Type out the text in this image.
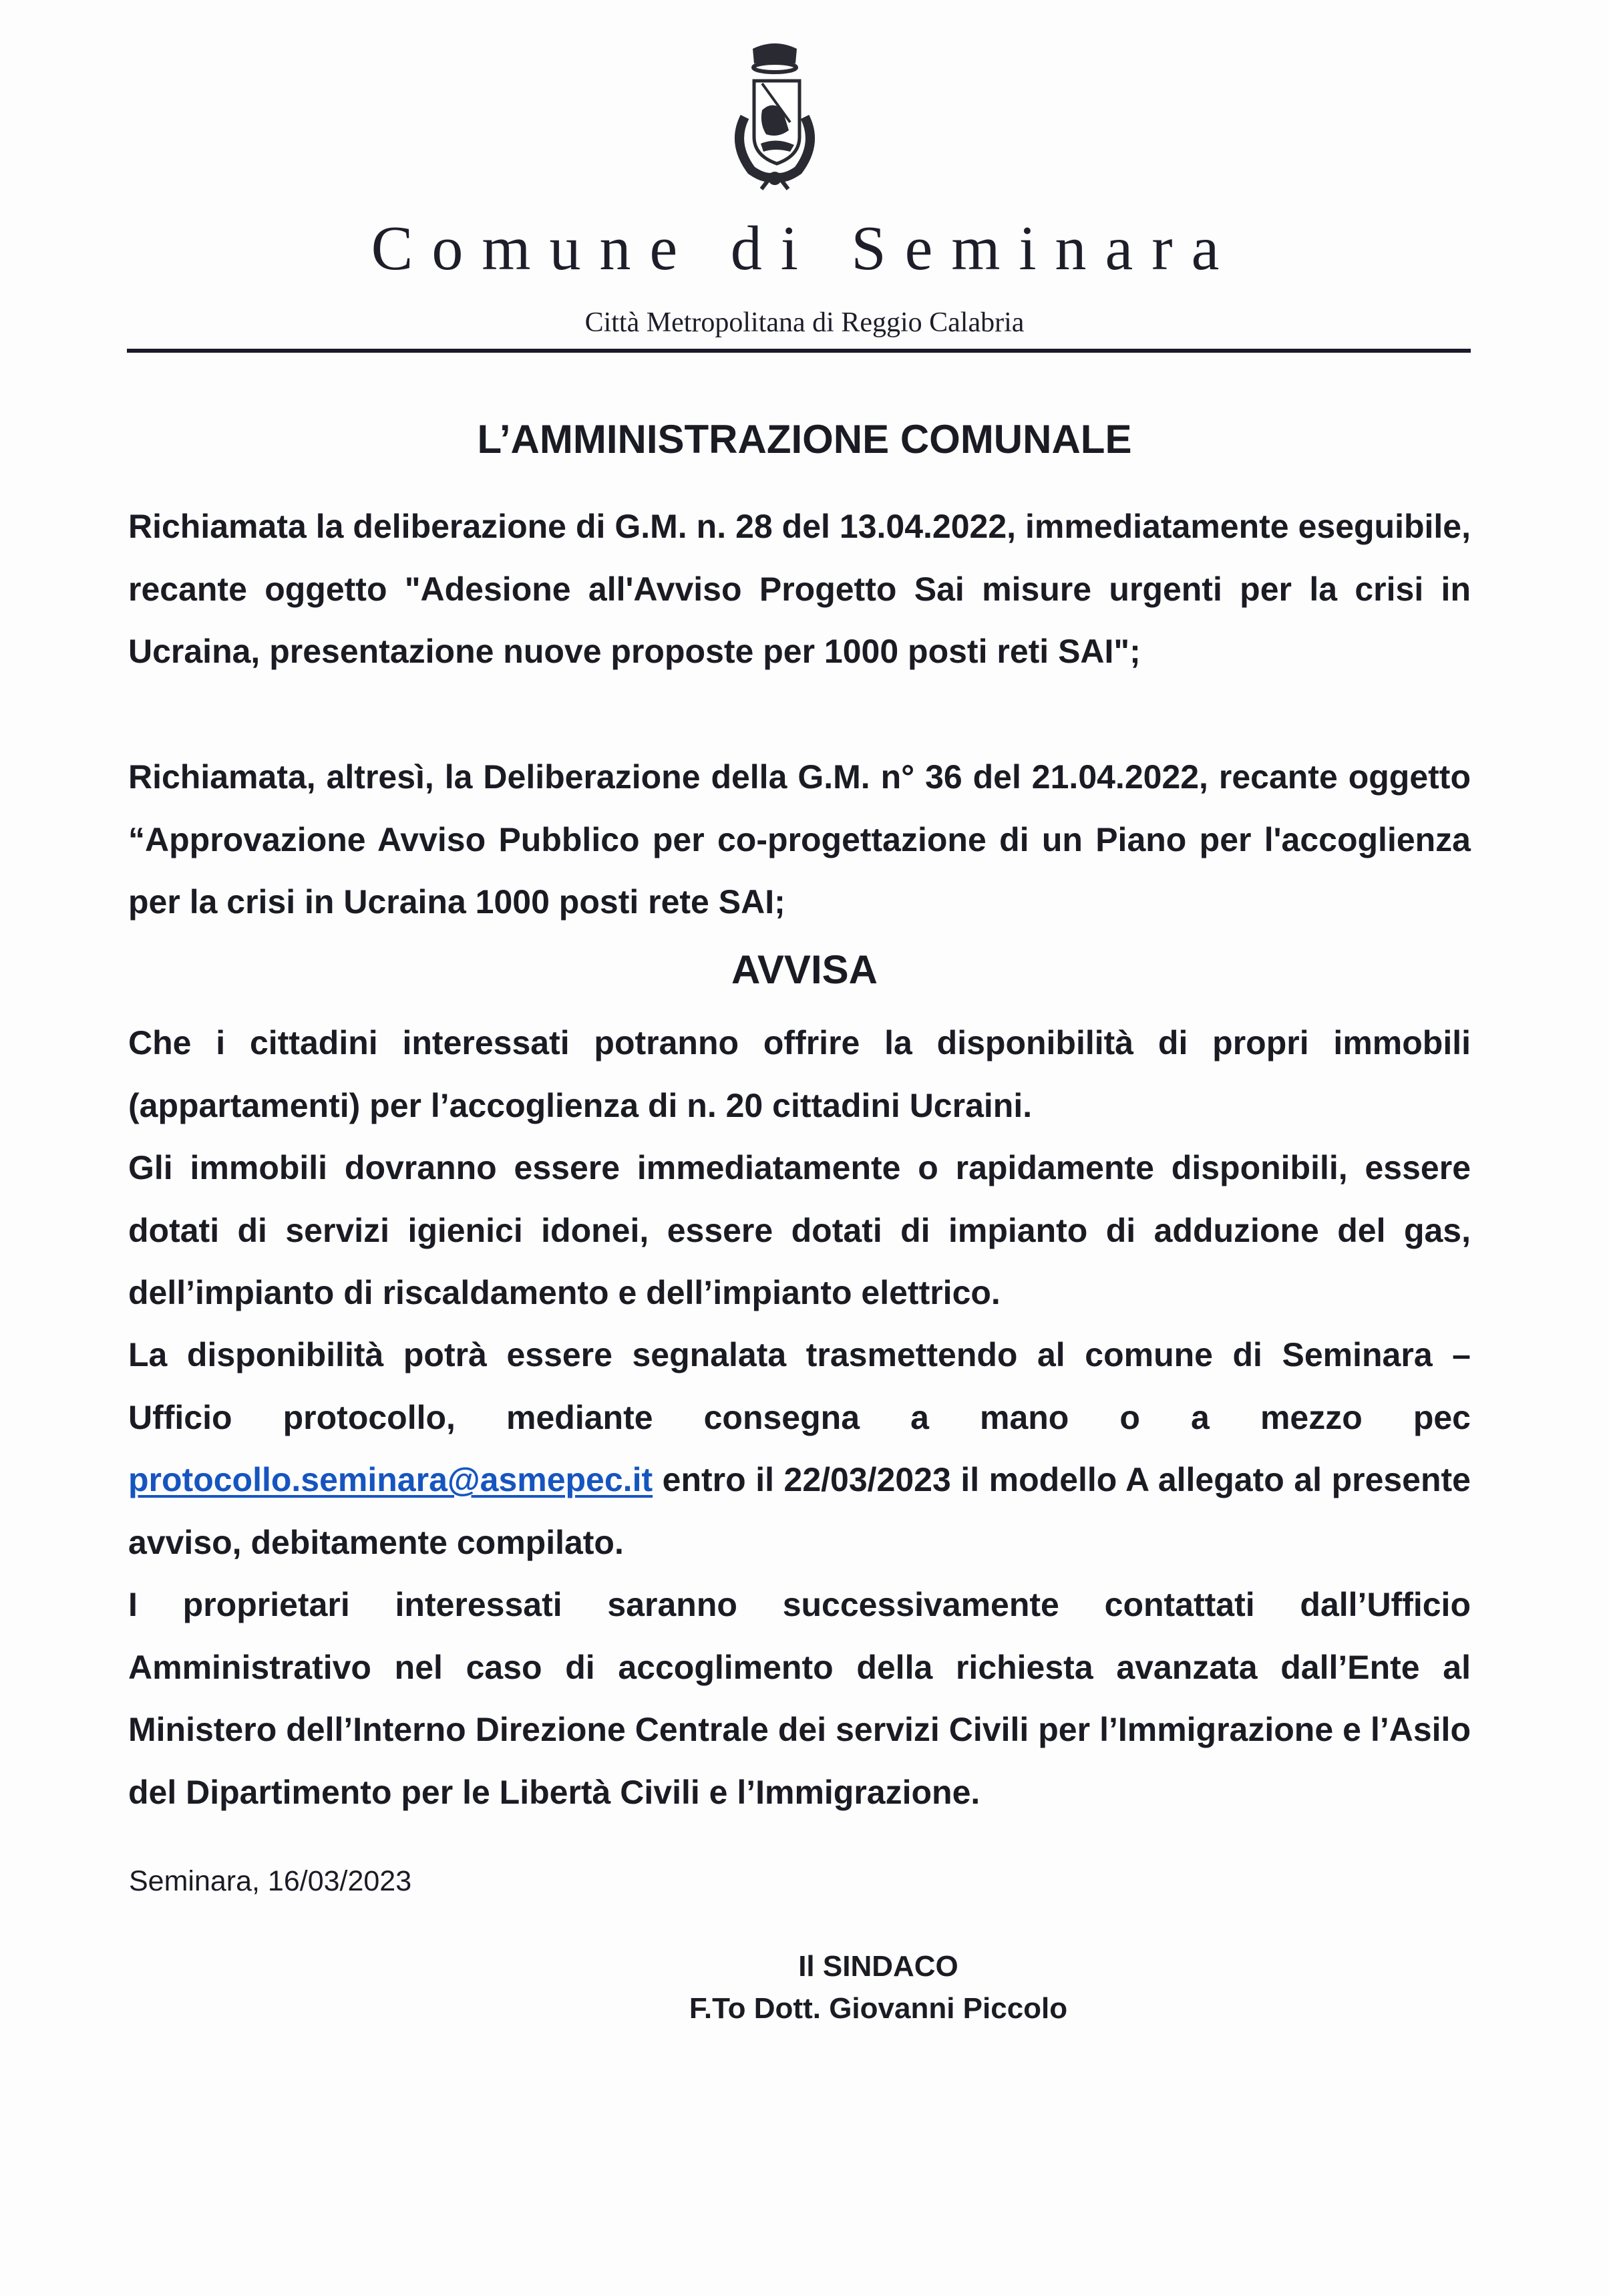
Comune di Seminara
Città Metropolitana di Reggio Calabria
L’AMMINISTRAZIONE COMUNALE

Richiamata la deliberazione di G.M. n. 28 del 13.04.2022, immediatamente eseguibile, recante oggetto "Adesione all'Avviso Progetto Sai misure urgenti per la crisi in Ucraina, presentazione nuove proposte per 1000 posti reti SAI";

Richiamata, altresì, la Deliberazione della G.M. n° 36 del 21.04.2022, recante oggetto “Approvazione Avviso Pubblico per co-progettazione di un Piano per l'accoglienza per la crisi in Ucraina 1000 posti rete SAI;

AVVISA

Che i cittadini interessati potranno offrire la disponibilità di propri immobili (appartamenti) per l’accoglienza di n. 20 cittadini Ucraini.

Gli immobili dovranno essere immediatamente o rapidamente disponibili, essere dotati di servizi igienici idonei, essere dotati di impianto di adduzione del gas, dell’impianto di riscaldamento e dell’impianto elettrico.

La disponibilità potrà essere segnalata trasmettendo al comune di Seminara – Ufficio protocollo, mediante consegna a mano o a mezzo pec protocollo.seminara@asmepec.it entro il 22/03/2023 il modello A allegato al presente avviso, debitamente compilato.

I proprietari interessati saranno successivamente contattati dall’Ufficio Amministrativo nel caso di accoglimento della richiesta avanzata dall’Ente al Ministero dell’Interno Direzione Centrale dei servizi Civili per l’Immigrazione e l’Asilo del Dipartimento per le Libertà Civili e l’Immigrazione.

Seminara, 16/03/2023
Il SINDACO
F.To Dott. Giovanni Piccolo
